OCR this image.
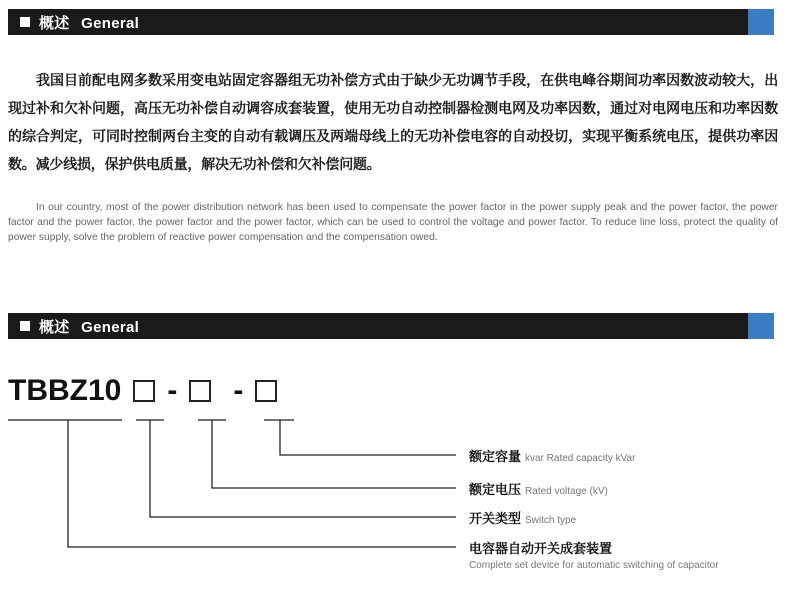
概述 General
我国目前配电网多数采用变电站固定容器组无功补偿方式由于缺少无功调节手段，在供电峰谷期间功率因数波动较大，出现过补和欠补问题，高压无功补偿自动调容成套装置，使用无功自动控制器检测电网及功率因数，通过对电网电压和功率因数的综合判定，可同时控制两台主变的自动有载调压及两端母线上的无功补偿电容的自动投切，实现平衡系统电压，提供功率因数。减少线损，保护供电质量，解决无功补偿和欠补偿问题。
In our country, most of the power distribution network has been used to compensate the power factor in the power supply peak and the power factor, the power factor and the power factor, the power factor and the power factor, which can be used to control the voltage and power factor. To reduce line loss, protect the quality of power supply, solve the problem of reactive power compensation and the compensation owed.
概述 General
TBBZ10 - -
额定容量 kvar Rated capacity kVar
额定电压 Rated voltage (kV)
开关类型 Switch type
电容器自动开关成套装置
Complete set device for automatic switching of capacitor
